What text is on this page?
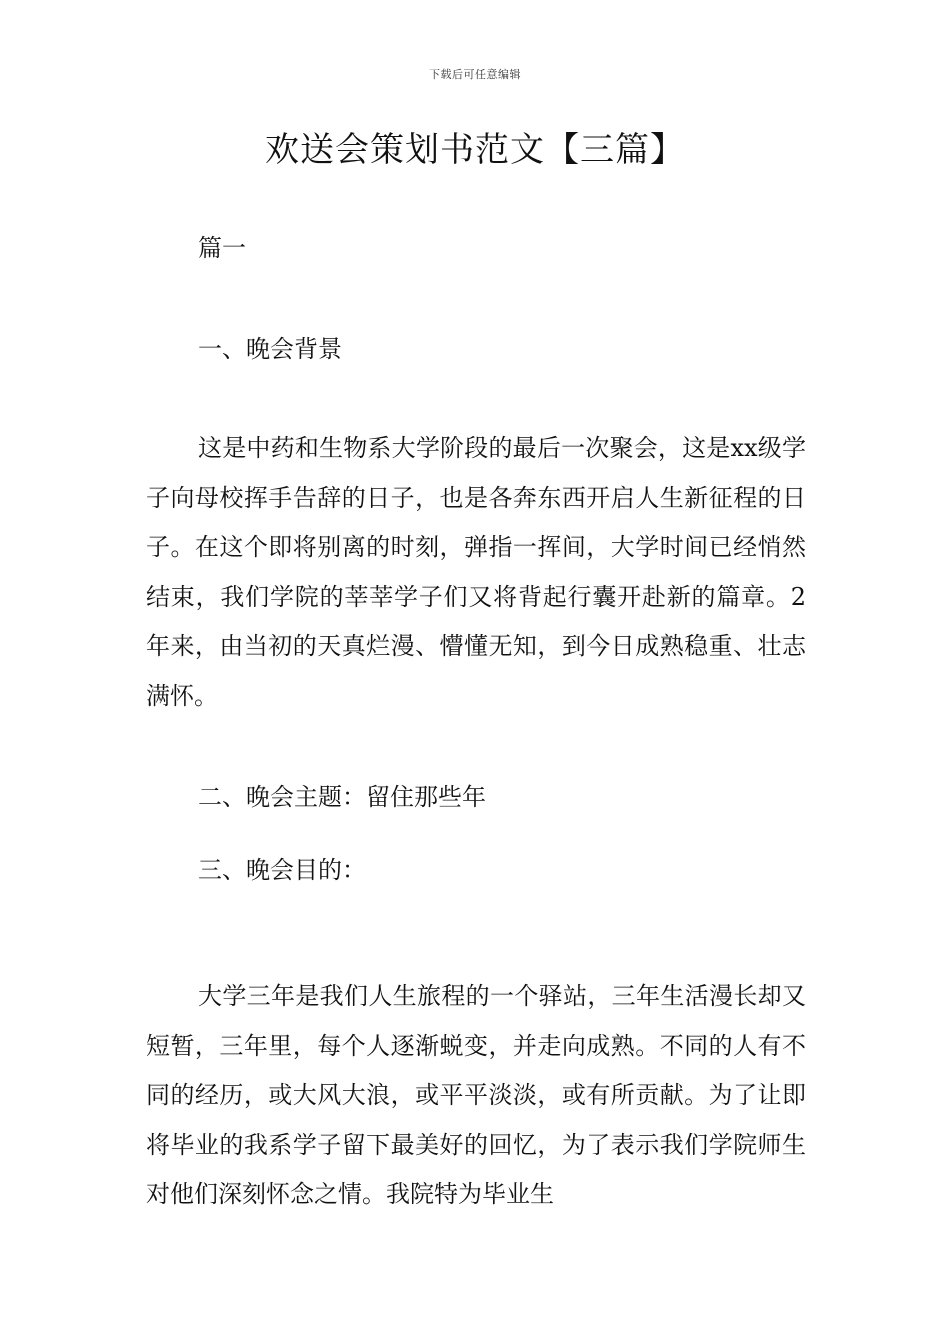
下载后可任意编辑
欢送会策划书范文【三篇】

篇一

一、晚会背景

这是中药和生物系大学阶段的最后一次聚会，这是xx级学子向母校挥手告辞的日子，也是各奔东西开启人生新征程的日子。在这个即将别离的时刻，弹指一挥间，大学时间已经悄然结束，我们学院的莘莘学子们又将背起行囊开赴新的篇章。2年来，由当初的天真烂漫、懵懂无知，到今日成熟稳重、壮志满怀。

二、晚会主题：留住那些年

三、晚会目的：

大学三年是我们人生旅程的一个驿站，三年生活漫长却又短暂，三年里，每个人逐渐蜕变，并走向成熟。不同的人有不同的经历，或大风大浪，或平平淡淡，或有所贡献。为了让即将毕业的我系学子留下最美好的回忆，为了表示我们学院师生对他们深刻怀念之情。我院特为毕业生
